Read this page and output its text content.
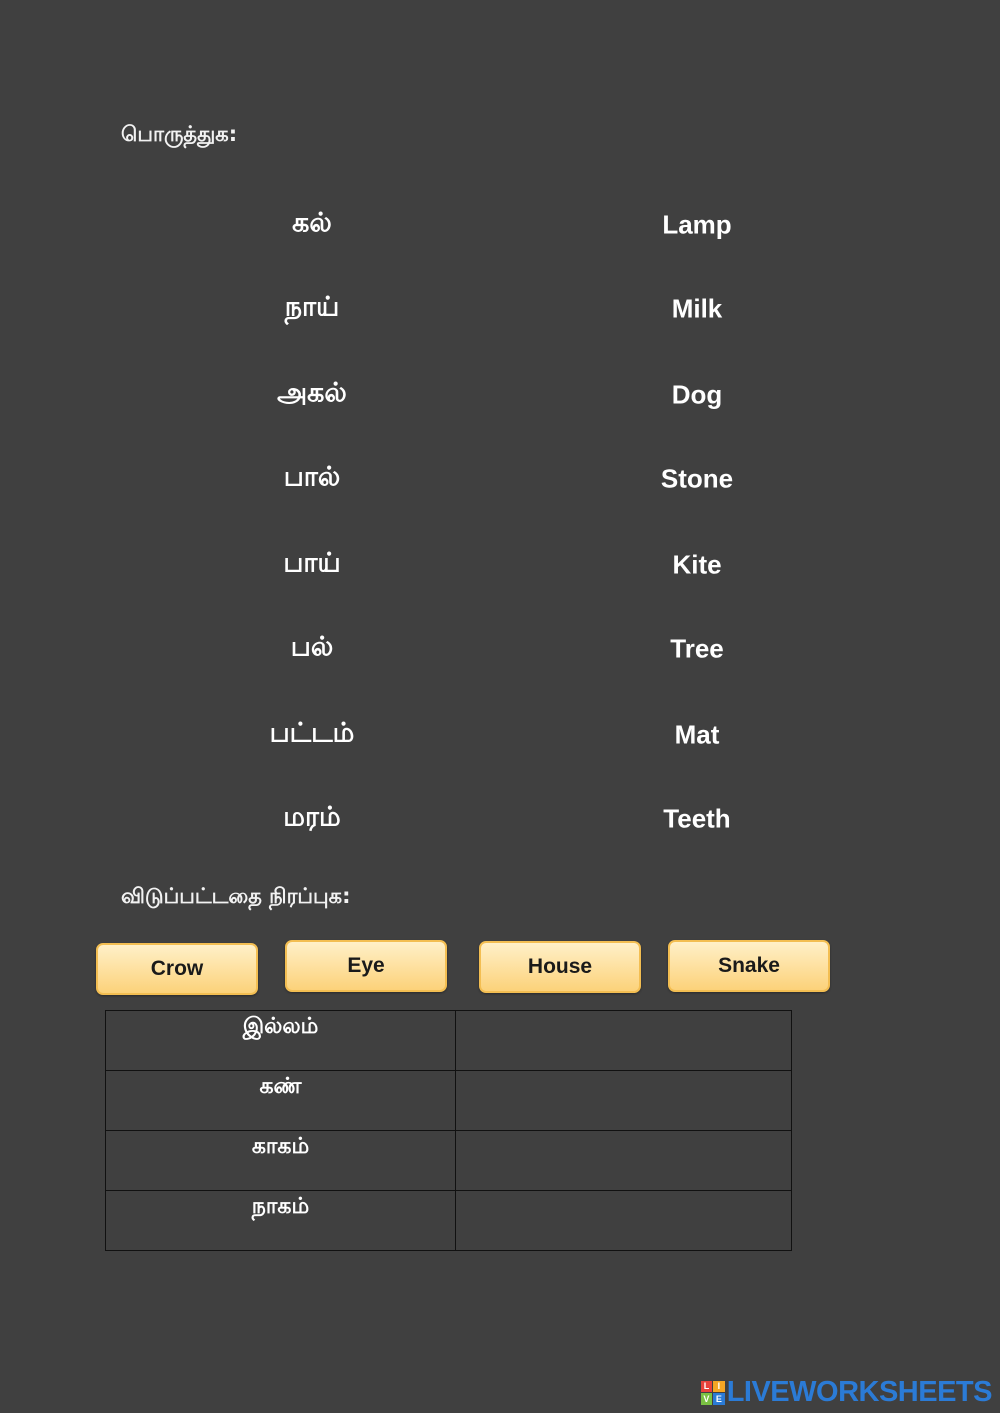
பொருத்துக:
கல்	Lamp
நாய்	Milk
அகல்	Dog
பால்	Stone
பாய்	Kite
பல்	Tree
பட்டம்	Mat
மரம்	Teeth
விடுப்பட்டதை நிரப்புக:
Crow	Eye	House	Snake
இல்லம்	
கண்	
காகம்	
நாகம்	
L I
V E LIVEWORKSHEETS
